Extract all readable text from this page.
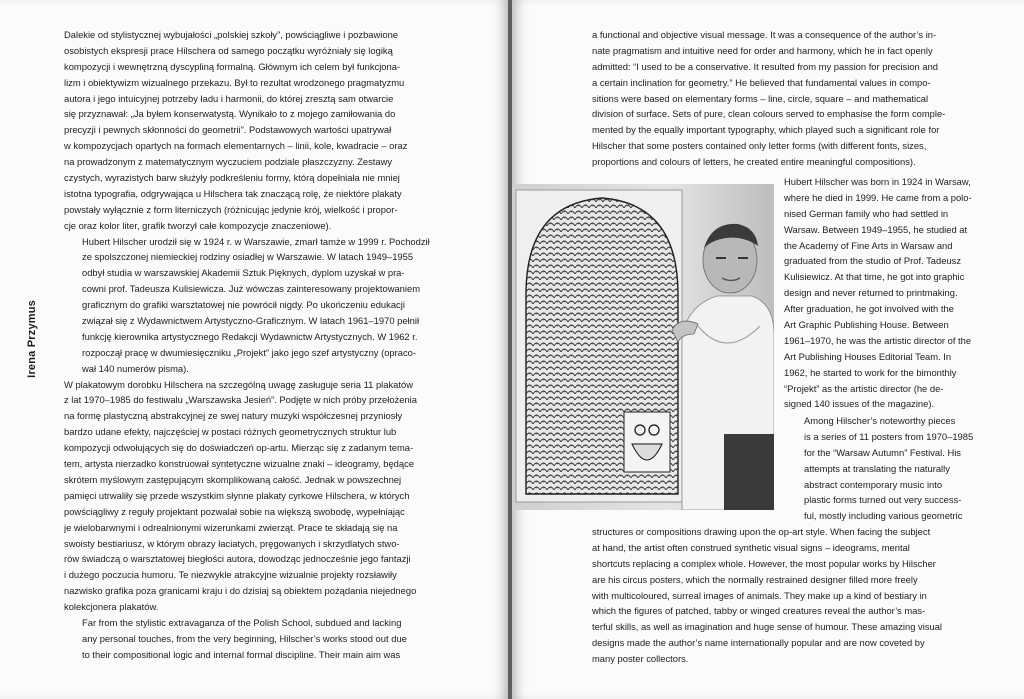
Irena Przymus
Dalekie od stylistycznej wybujałości „polskiej szkoły”, powściągliwe i pozbawione
osobistych ekspresji prace Hilschera od samego początku wyróżniały się logiką
kompozycji i wewnętrzną dyscypliną formalną. Głównym ich celem był funkcjona-
lizm i obiektywizm wizualnego przekazu. Był to rezultat wrodzonego pragmatyzmu
autora i jego intuicyjnej potrzeby ładu i harmonii, do której zresztą sam otwarcie
się przyznawał: „Ja byłem konserwatystą. Wynikało to z mojego zamiłowania do
precyzji i pewnych skłonności do geometrii”. Podstawowych wartości upatrywał
w kompozycjach opartych na formach elementarnych – linii, kole, kwadracie – oraz
na prowadzonym z matematycznym wyczuciem podziale płaszczyzny. Zestawy
czystych, wyrazistych barw służyły podkreśleniu formy, którą dopełniała nie mniej
istotna typografia, odgrywająca u Hilschera tak znaczącą rolę, że niektóre plakaty
powstały wyłącznie z form literniczych (różnicując jedynie krój, wielkość i propor-
cje oraz kolor liter, grafik tworzył całe kompozycje znaczeniowe).
Hubert Hilscher urodził się w 1924 r. w Warszawie, zmarł tamże w 1999 r. Pochodził
ze spolszczonej niemieckiej rodziny osiadłej w Warszawie. W latach 1949–1955
odbył studia w warszawskiej Akademii Sztuk Pięknych, dyplom uzyskał w pra-
cowni prof. Tadeusza Kulisiewicza. Już wówczas zainteresowany projektowaniem
graficznym do grafiki warsztatowej nie powrócił nigdy. Po ukończeniu edukacji
związał się z Wydawnictwem Artystyczno-Graficznym. W latach 1961–1970 pełnił
funkcję kierownika artystycznego Redakcji Wydawnictw Artystycznych. W 1962 r.
rozpoczął pracę w dwumiesięczniku „Projekt” jako jego szef artystyczny (opraco-
wał 140 numerów pisma).
W plakatowym dorobku Hilschera na szczególną uwagę zasługuje seria 11 plakatów
z lat 1970–1985 do festiwalu „Warszawska Jesień”. Podjęte w nich próby przełożenia
na formę plastyczną abstrakcyjnej ze swej natury muzyki współczesnej przyniosły
bardzo udane efekty, najczęściej w postaci różnych geometrycznych struktur lub
kompozycji odwołujących się do doświadczeń op-artu. Mierząc się z zadanym tema-
tem, artysta nierzadko konstruował syntetyczne wizualne znaki – ideogramy, będące
skrótem myślowym zastępującym skomplikowaną całość. Jednak w powszechnej
pamięci utrwaliły się przede wszystkim słynne plakaty cyrkowe Hilschera, w których
powściągliwy z reguły projektant pozwalał sobie na większą swobodę, wypełniając
je wielobarwnymi i odrealnionymi wizerunkami zwierząt. Prace te składają się na
swoisty bestiariusz, w którym obrazy łaciatych, pręgowanych i skrzydlatych stwo-
rów świadczą o warsztatowej biegłości autora, dowodząc jednocześnie jego fantazji
i dużego poczucia humoru. Te niezwykle atrakcyjne wizualnie projekty rozsławiły
nazwisko grafika poza granicami kraju i do dzisiaj są obiektem pożądania niejednego
kolekcjonera plakatów.
Far from the stylistic extravaganza of the Polish School, subdued and lacking
any personal touches, from the very beginning, Hilscher’s works stood out due
to their compositional logic and internal formal discipline. Their main aim was
a functional and objective visual message. It was a consequence of the author’s in-
nate pragmatism and intuitive need for order and harmony, which he in fact openly
admitted: “I used to be a conservative. It resulted from my passion for precision and
a certain inclination for geometry.” He believed that fundamental values in compo-
sitions were based on elementary forms – line, circle, square – and mathematical
division of surface. Sets of pure, clean colours served to emphasise the form comple-
mented by the equally important typography, which played such a significant role for
Hilscher that some posters contained only letter forms (with different fonts, sizes,
proportions and colours of letters, he created entire meaningful compositions).
Hubert Hilscher was born in 1924 in Warsaw,
where he died in 1999. He came from a polo-
nised German family who had settled in
Warsaw. Between 1949–1955, he studied at
the Academy of Fine Arts in Warsaw and
graduated from the studio of Prof. Tadeusz
Kulisiewicz. At that time, he got into graphic
design and never returned to printmaking.
After graduation, he got involved with the
Art Graphic Publishing House. Between
1961–1970, he was the artistic director of the
Art Publishing Houses Editorial Team. In
1962, he started to work for the bimonthly
“Projekt” as the artistic director (he de-
signed 140 issues of the magazine).
Among Hilscher’s noteworthy pieces
is a series of 11 posters from 1970–1985
for the “Warsaw Autumn” Festival. His
attempts at translating the naturally
abstract contemporary music into
plastic forms turned out very success-
ful, mostly including various geometric
structures or compositions drawing upon the op-art style. When facing the subject
at hand, the artist often construed synthetic visual signs – ideograms, mental
shortcuts replacing a complex whole. However, the most popular works by Hilscher
are his circus posters, which the normally restrained designer filled more freely
with multicoloured, surreal images of animals. They make up a kind of bestiary in
which the figures of patched, tabby or winged creatures reveal the author’s mas-
terful skills, as well as imagination and huge sense of humour. These amazing visual
designs made the author’s name internationally popular and are now coveted by
many poster collectors.
